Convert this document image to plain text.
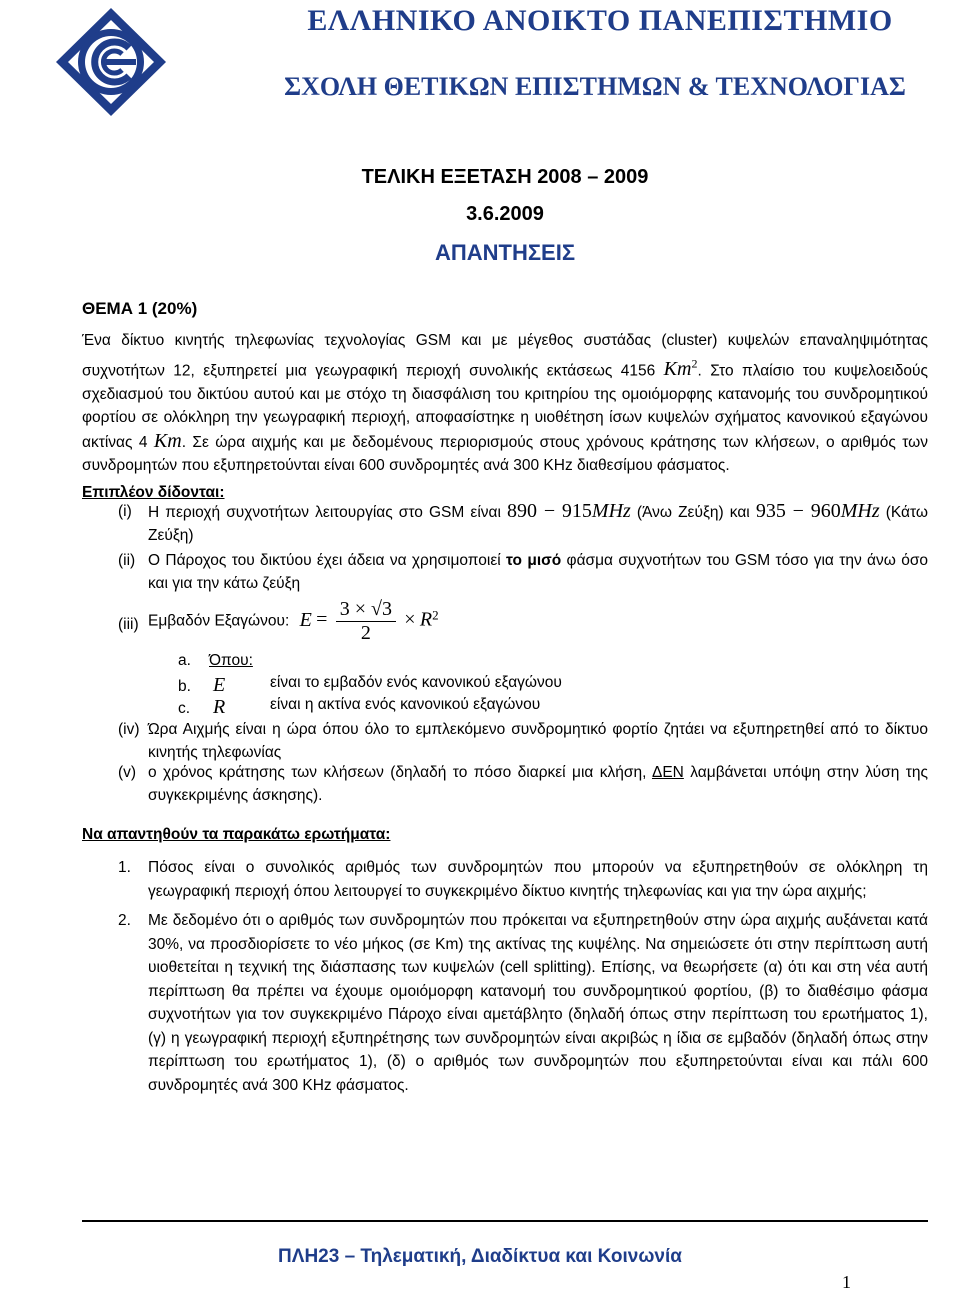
ΕΛΛΗΝΙΚΟ ΑΝΟΙΚΤΟ ΠΑΝΕΠΙΣΤΗΜΙΟ
ΣΧΟΛΗ ΘΕΤΙΚΩΝ ΕΠΙΣΤΗΜΩΝ & ΤΕΧΝΟΛΟΓΙΑΣ
ΤΕΛΙΚΗ ΕΞΕΤΑΣΗ 2008 – 2009
3.6.2009
ΑΠΑΝΤΗΣΕΙΣ
ΘΕΜΑ 1 (20%)
Ένα δίκτυο κινητής τηλεφωνίας τεχνολογίας GSM και με μέγεθος συστάδας (cluster) κυψελών επαναληψιμότητας συχνοτήτων 12, εξυπηρετεί μια γεωγραφική περιοχή συνολικής εκτάσεως 4156 Km$^2$. Στο πλαίσιο του κυψελοειδούς σχεδιασμού του δικτύου αυτού και με στόχο τη διασφάλιση του κριτηρίου της ομοιόμορφης κατανομής του συνδρομητικού φορτίου σε ολόκληρη την γεωγραφική περιοχή, αποφασίστηκε η υιοθέτηση ίσων κυψελών σχήματος κανονικού εξαγώνου ακτίνας 4 Km. Σε ώρα αιχμής και με δεδομένους περιορισμούς στους χρόνους κράτησης των κλήσεων, ο αριθμός των συνδρομητών που εξυπηρετούνται είναι 600 συνδρομητές ανά 300 KHz διαθεσίμου φάσματος.
Επιπλέον δίδονται:
(i) Η περιοχή συχνοτήτων λειτουργίας στο GSM είναι 890 − 915MHz (Άνω Ζεύξη) και 935 − 960MHz (Κάτω Ζεύξη)
(ii) Ο Πάροχος του δικτύου έχει άδεια να χρησιμοποιεί το μισό φάσμα συχνοτήτων του GSM τόσο για την άνω όσο και για την κάτω ζεύξη
(iii) Εμβαδόν Εξαγώνου: $E = \frac{3 \times √3}{2} \times R^2$
a. Όπου:
b. E	είναι το εμβαδόν ενός κανονικού εξαγώνου
c. R	είναι η ακτίνα ενός κανονικού εξαγώνου
(iv) Ώρα Αιχμής είναι η ώρα όπου όλο το εμπλεκόμενο συνδρομητικό φορτίο ζητάει να εξυπηρετηθεί από το δίκτυο κινητής τηλεφωνίας
(v) ο χρόνος κράτησης των κλήσεων (δηλαδή το πόσο διαρκεί μια κλήση, ΔΕΝ λαμβάνεται υπόψη στην λύση της συγκεκριμένης άσκησης).
Να απαντηθούν τα παρακάτω ερωτήματα:
1. Πόσος είναι ο συνολικός αριθμός των συνδρομητών που μπορούν να εξυπηρετηθούν σε ολόκληρη τη γεωγραφική περιοχή όπου λειτουργεί το συγκεκριμένο δίκτυο κινητής τηλεφωνίας και για την ώρα αιχμής;
2. Με δεδομένο ότι ο αριθμός των συνδρομητών που πρόκειται να εξυπηρετηθούν στην ώρα αιχμής αυξάνεται κατά 30%, να προσδιορίσετε το νέο μήκος (σε Km) της ακτίνας της κυψέλης. Να σημειώσετε ότι στην περίπτωση αυτή υιοθετείται η τεχνική της διάσπασης των κυψελών (cell splitting). Επίσης, να θεωρήσετε (α) ότι και στη νέα αυτή περίπτωση θα πρέπει να έχουμε ομοιόμορφη κατανομή του συνδρομητικού φορτίου, (β) το διαθέσιμο φάσμα συχνοτήτων για τον συγκεκριμένο Πάροχο είναι αμετάβλητο (δηλαδή όπως στην περίπτωση του ερωτήματος 1), (γ) η γεωγραφική περιοχή εξυπηρέτησης των συνδρομητών είναι ακριβώς η ίδια σε εμβαδόν (δηλαδή όπως στην περίπτωση του ερωτήματος 1), (δ) ο αριθμός των συνδρομητών που εξυπηρετούνται είναι και πάλι 600 συνδρομητές ανά 300 KHz φάσματος.
ΠΛΗ23 – Τηλεματική, Διαδίκτυα και Κοινωνία
1
